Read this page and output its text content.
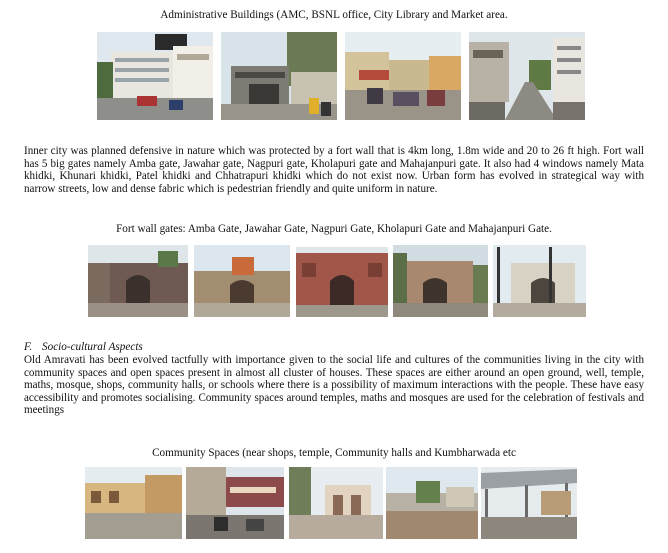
Administrative Buildings (AMC, BSNL office, City Library and Market area.

Inner city was planned defensive in nature which was protected by a fort wall that is 4km long, 1.8m wide and 20 to 26 ft high. Fort wall has 5 big gates namely Amba gate, Jawahar gate, Nagpuri gate, Kholapuri gate and Mahajanpuri gate. It also had 4 windows namely Mata khidki, Khunari khidki, Patel khidki and Chhatrapuri khidki which do not exist now. Urban form has evolved in strategical way with narrow streets, low and dense fabric which is pedestrian friendly and quite uniform in nature.

Fort wall gates: Amba Gate, Jawahar Gate, Nagpuri Gate, Kholapuri Gate and Mahajanpuri Gate.
F. Socio-cultural Aspects

Old Amravati has been evolved tactfully with importance given to the social life and cultures of the communities living in the city with community spaces and open spaces present in almost all cluster of houses. These spaces are either around an open ground, well, temple, maths, mosque, shops, community halls, or schools where there is a possibility of maximum interactions with the people. These have easy accessibility and promotes socialising. Community spaces around temples, maths and mosques are used for the celebration of festivals and meetings

Community Spaces (near shops, temple, Community halls and Kumbharwada etc
